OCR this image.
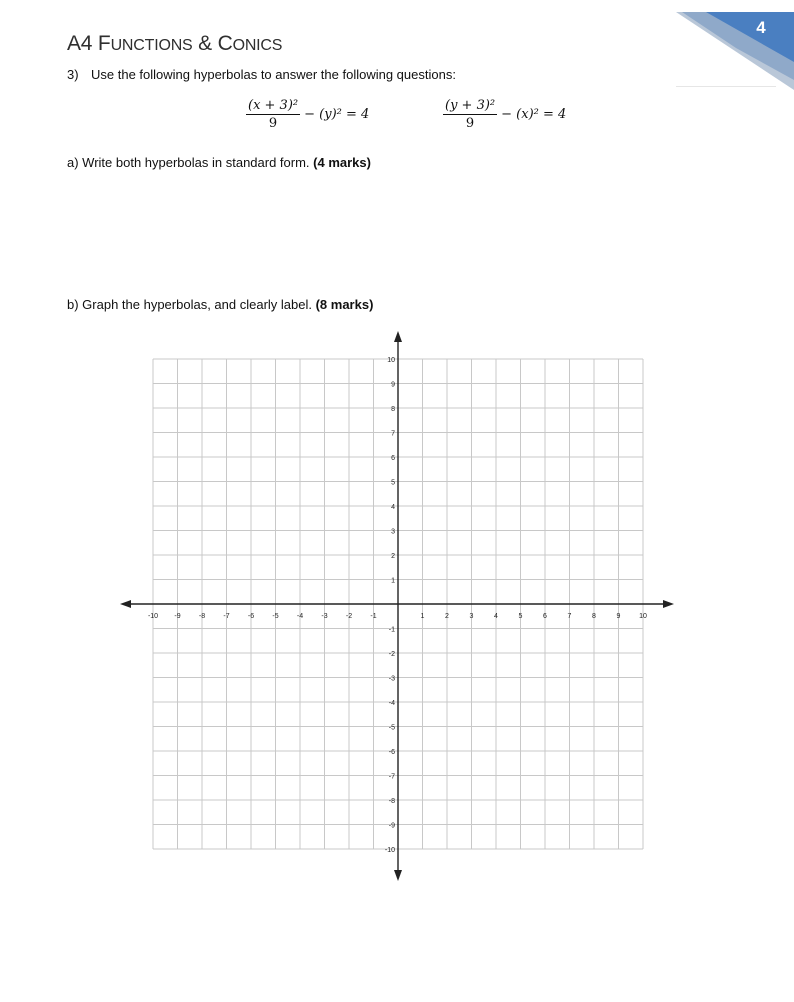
4
A4 FUNCTIONS & CONICS
3) Use the following hyperbolas to answer the following questions:
$\frac{\text{(x + 3)²}}{9} - (y)^2 = 4$	$\frac{\text{(y + 3)²}}{9} - (x)^2 = 4$
a) Write both hyperbolas in standard form. (4 marks)
b) Graph the hyperbolas, and clearly label. (8 marks)
-10 -9	-8	-7	-6	-5	-4	-3	-2	-1	1	2	3	4	5	6	7	8	9	10
10
9
8
7
6
5
4
3
2
1
-1
-2
-3
-4
-5
-6
-7
-8
-9
-10
